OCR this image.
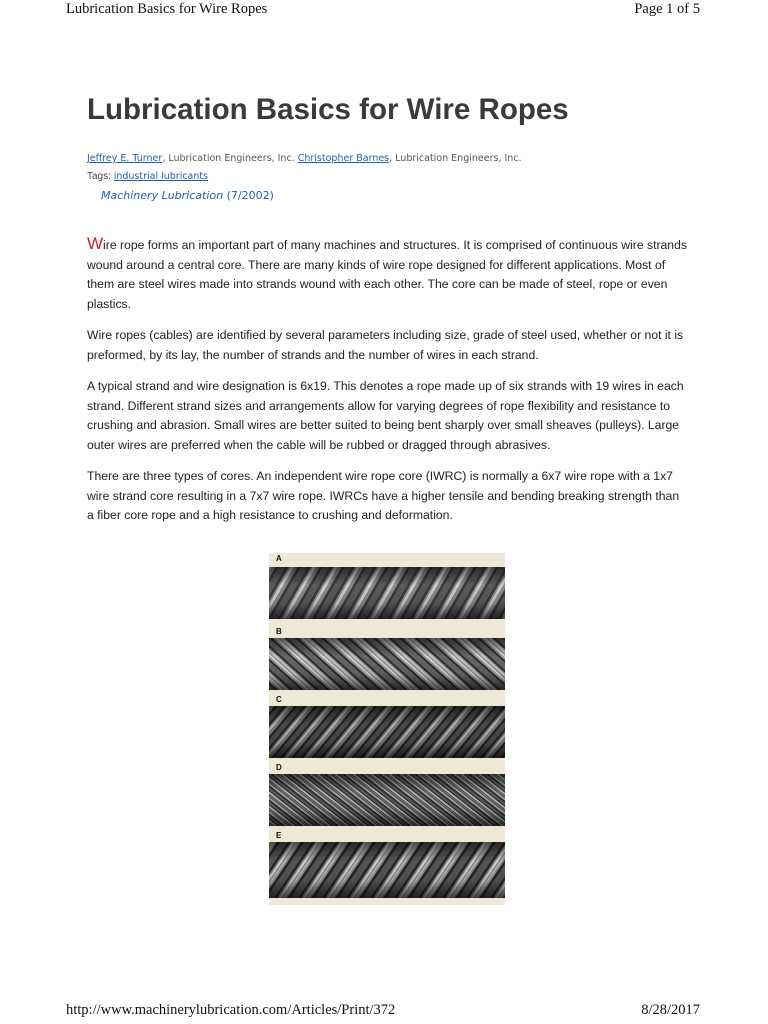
Lubrication Basics for Wire Ropes	Page 1 of 5
Lubrication Basics for Wire Ropes
Jeffrey E. Turner, Lubrication Engineers, Inc. Christopher Barnes, Lubrication Engineers, Inc.
Tags: industrial lubricants
Machinery Lubrication (7/2002)

Wire rope forms an important part of many machines and structures. It is comprised of continuous wire strands wound around a central core. There are many kinds of wire rope designed for different applications. Most of them are steel wires made into strands wound with each other. The core can be made of steel, rope or even plastics.

Wire ropes (cables) are identified by several parameters including size, grade of steel used, whether or not it is preformed, by its lay, the number of strands and the number of wires in each strand.

A typical strand and wire designation is 6x19. This denotes a rope made up of six strands with 19 wires in each strand. Different strand sizes and arrangements allow for varying degrees of rope flexibility and resistance to crushing and abrasion. Small wires are better suited to being bent sharply over small sheaves (pulleys). Large outer wires are preferred when the cable will be rubbed or dragged through abrasives.

There are three types of cores. An independent wire rope core (IWRC) is normally a 6x7 wire rope with a 1x7 wire strand core resulting in a 7x7 wire rope. IWRCs have a higher tensile and bending breaking strength than a fiber core rope and a high resistance to crushing and deformation.

A
B
C
D
E
http://www.machinerylubrication.com/Articles/Print/372	8/28/2017
